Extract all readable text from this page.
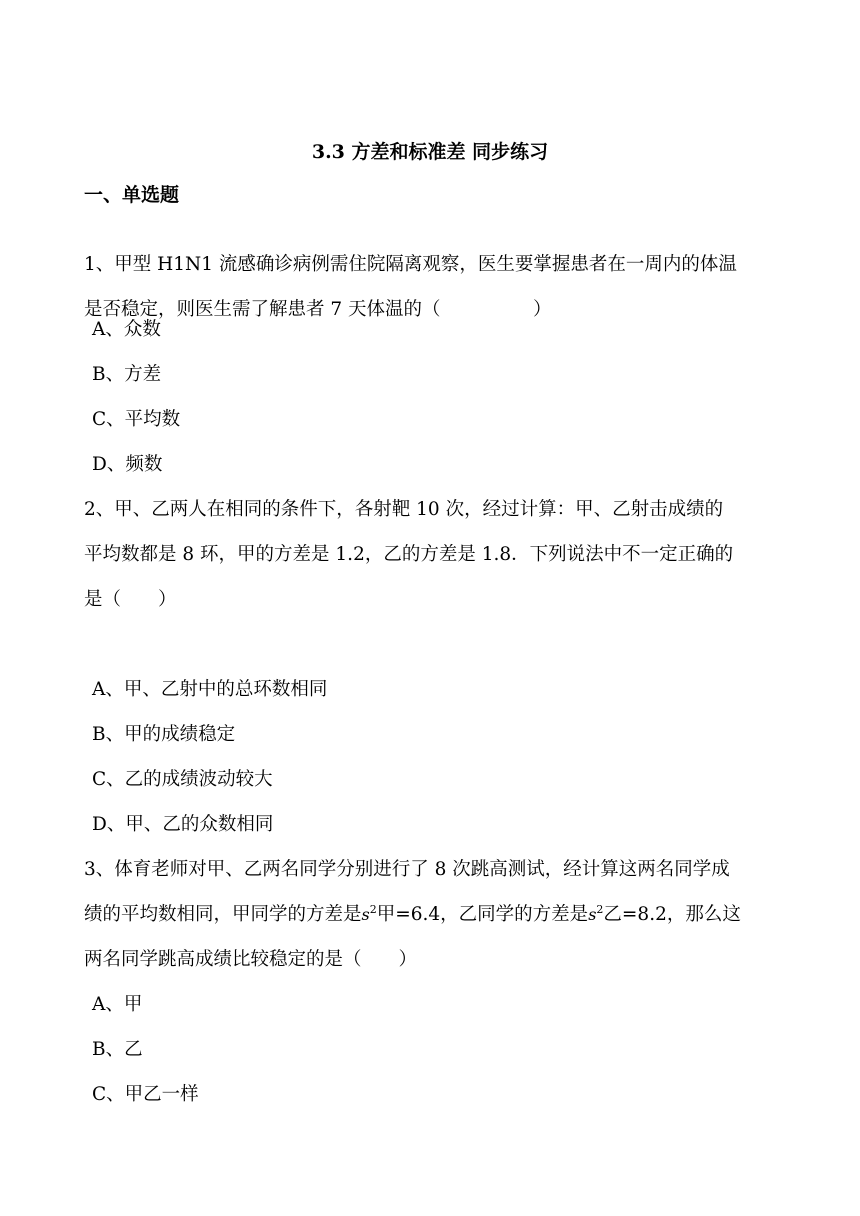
3.3 方差和标准差 同步练习
一、单选题
1、甲型 H1N1 流感确诊病例需住院隔离观察，医生要掌握患者在一周内的体温
是否稳定，则医生需了解患者 7 天体温的（　　　　　）
A、众数
B、方差
C、平均数
D、频数
2、甲、乙两人在相同的条件下，各射靶 10 次，经过计算：甲、乙射击成绩的
平均数都是 8 环，甲的方差是 1.2，乙的方差是 1.8．下列说法中不一定正确的
是（　　）
A、甲、乙射中的总环数相同
B、甲的成绩稳定
C、乙的成绩波动较大
D、甲、乙的众数相同
3、体育老师对甲、乙两名同学分别进行了 8 次跳高测试，经计算这两名同学成
绩的平均数相同，甲同学的方差是$s^2$甲=6.4，乙同学的方差是$s^2$乙=8.2，那么这
两名同学跳高成绩比较稳定的是（　　）
A、甲
B、乙
C、甲乙一样
